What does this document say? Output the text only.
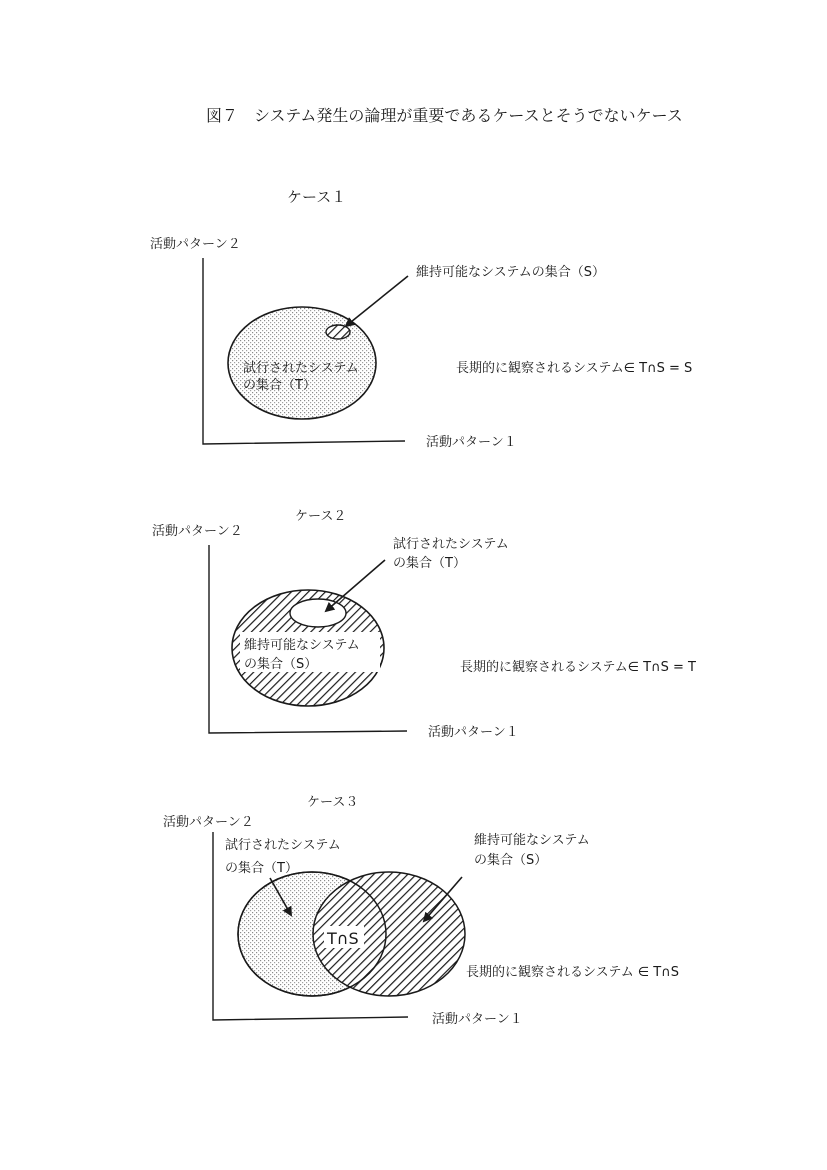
図７　システム発生の論理が重要であるケースとそうでないケース
ケース１
活動パターン２
活動パターン１
試行されたシステム
の集合（T）
維持可能なシステムの集合（S）
長期的に観察されるシステム∈ T∩S = S
ケース２
活動パターン２
活動パターン１
維持可能なシステム
の集合（S）
試行されたシステム
の集合（T）
長期的に観察されるシステム∈ T∩S = T
ケース３
活動パターン２
活動パターン１
T∩S
試行されたシステム
の集合（T）
維持可能なシステム
の集合（S）
長期的に観察されるシステム ∈ T∩S
